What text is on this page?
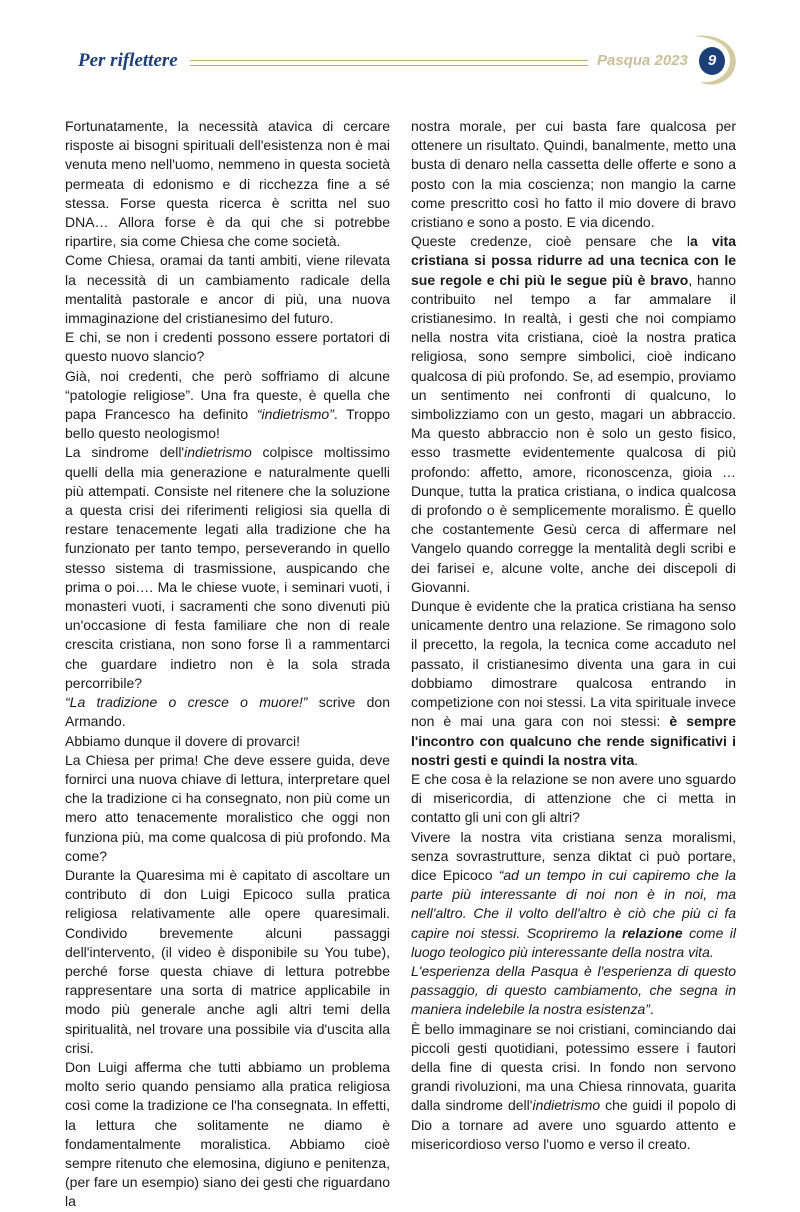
Per riflettere	Pasqua 2023	9

Fortunatamente, la necessità atavica di cercare risposte ai bisogni spirituali dell'esistenza non è mai venuta meno nell'uomo, nemmeno in questa società permeata di edonismo e di ricchezza fine a sé stessa. Forse questa ricerca è scritta nel suo DNA… Allora forse è da qui che si potrebbe ripartire, sia come Chiesa che come società.

Come Chiesa, oramai da tanti ambiti, viene rilevata la necessità di un cambiamento radicale della mentalità pastorale e ancor di più, una nuova immaginazione del cristianesimo del futuro.

E chi, se non i credenti possono essere portatori di questo nuovo slancio?

Già, noi credenti, che però soffriamo di alcune “patologie religiose”. Una fra queste, è quella che papa Francesco ha definito “indietrismo”. Troppo bello questo neologismo!

La sindrome dell'indietrismo colpisce moltissimo quelli della mia generazione e naturalmente quelli più attempati. Consiste nel ritenere che la soluzione a questa crisi dei riferimenti religiosi sia quella di restare tenacemente legati alla tradizione che ha funzionato per tanto tempo, perseverando in quello stesso sistema di trasmissione, auspicando che prima o poi…. Ma le chiese vuote, i seminari vuoti, i monasteri vuoti, i sacramenti che sono divenuti più un'occasione di festa familiare che non di reale crescita cristiana, non sono forse lì a rammentarci che guardare indietro non è la sola strada percorribile?

“La tradizione o cresce o muore!” scrive don Armando.

Abbiamo dunque il dovere di provarci!

La Chiesa per prima! Che deve essere guida, deve fornirci una nuova chiave di lettura, interpretare quel che la tradizione ci ha consegnato, non più come un mero atto tenacemente moralistico che oggi non funziona più, ma come qualcosa di più profondo. Ma come?

Durante la Quaresima mi è capitato di ascoltare un contributo di don Luigi Epicoco sulla pratica religiosa relativamente alle opere quaresimali. Condivido brevemente alcuni passaggi dell'intervento, (il video è disponibile su You tube), perché forse questa chiave di lettura potrebbe rappresentare una sorta di matrice applicabile in modo più generale anche agli altri temi della spiritualità, nel trovare una possibile via d'uscita alla crisi.

Don Luigi afferma che tutti abbiamo un problema molto serio quando pensiamo alla pratica religiosa così come la tradizione ce l'ha consegnata. In effetti, la lettura che solitamente ne diamo è fondamentalmente moralistica. Abbiamo cioè sempre ritenuto che elemosina, digiuno e penitenza, (per fare un esempio) siano dei gesti che riguardano la

nostra morale, per cui basta fare qualcosa per ottenere un risultato. Quindi, banalmente, metto una busta di denaro nella cassetta delle offerte e sono a posto con la mia coscienza; non mangio la carne come prescritto così ho fatto il mio dovere di bravo cristiano e sono a posto. E via dicendo.

Queste credenze, cioè pensare che la vita cristiana si possa ridurre ad una tecnica con le sue regole e chi più le segue più è bravo, hanno contribuito nel tempo a far ammalare il cristianesimo. In realtà, i gesti che noi compiamo nella nostra vita cristiana, cioè la nostra pratica religiosa, sono sempre simbolici, cioè indicano qualcosa di più profondo. Se, ad esempio, proviamo un sentimento nei confronti di qualcuno, lo simbolizziamo con un gesto, magari un abbraccio. Ma questo abbraccio non è solo un gesto fisico, esso trasmette evidentemente qualcosa di più profondo: affetto, amore, riconoscenza, gioia … Dunque, tutta la pratica cristiana, o indica qualcosa di profondo o è semplicemente moralismo. È quello che costantemente Gesù cerca di affermare nel Vangelo quando corregge la mentalità degli scribi e dei farisei e, alcune volte, anche dei discepoli di Giovanni.

Dunque è evidente che la pratica cristiana ha senso unicamente dentro una relazione. Se rimagono solo il precetto, la regola, la tecnica come accaduto nel passato, il cristianesimo diventa una gara in cui dobbiamo dimostrare qualcosa entrando in competizione con noi stessi. La vita spirituale invece non è mai una gara con noi stessi: è sempre l'incontro con qualcuno che rende significativi i nostri gesti e quindi la nostra vita.

E che cosa è la relazione se non avere uno sguardo di misericordia, di attenzione che ci metta in contatto gli uni con gli altri?

Vivere la nostra vita cristiana senza moralismi, senza sovrastrutture, senza diktat ci può portare, dice Epicoco “ad un tempo in cui capiremo che la parte più interessante di noi non è in noi, ma nell'altro. Che il volto dell'altro è ciò che più ci fa capire noi stessi. Scopriremo la relazione come il luogo teologico più interessante della nostra vita.

L'esperienza della Pasqua è l'esperienza di questo passaggio, di questo cambiamento, che segna in maniera indelebile la nostra esistenza”.

È bello immaginare se noi cristiani, cominciando dai piccoli gesti quotidiani, potessimo essere i fautori della fine di questa crisi. In fondo non servono grandi rivoluzioni, ma una Chiesa rinnovata, guarita dalla sindrome dell'indietrismo che guidi il popolo di Dio a tornare ad avere uno sguardo attento e misericordioso verso l'uomo e verso il creato.
